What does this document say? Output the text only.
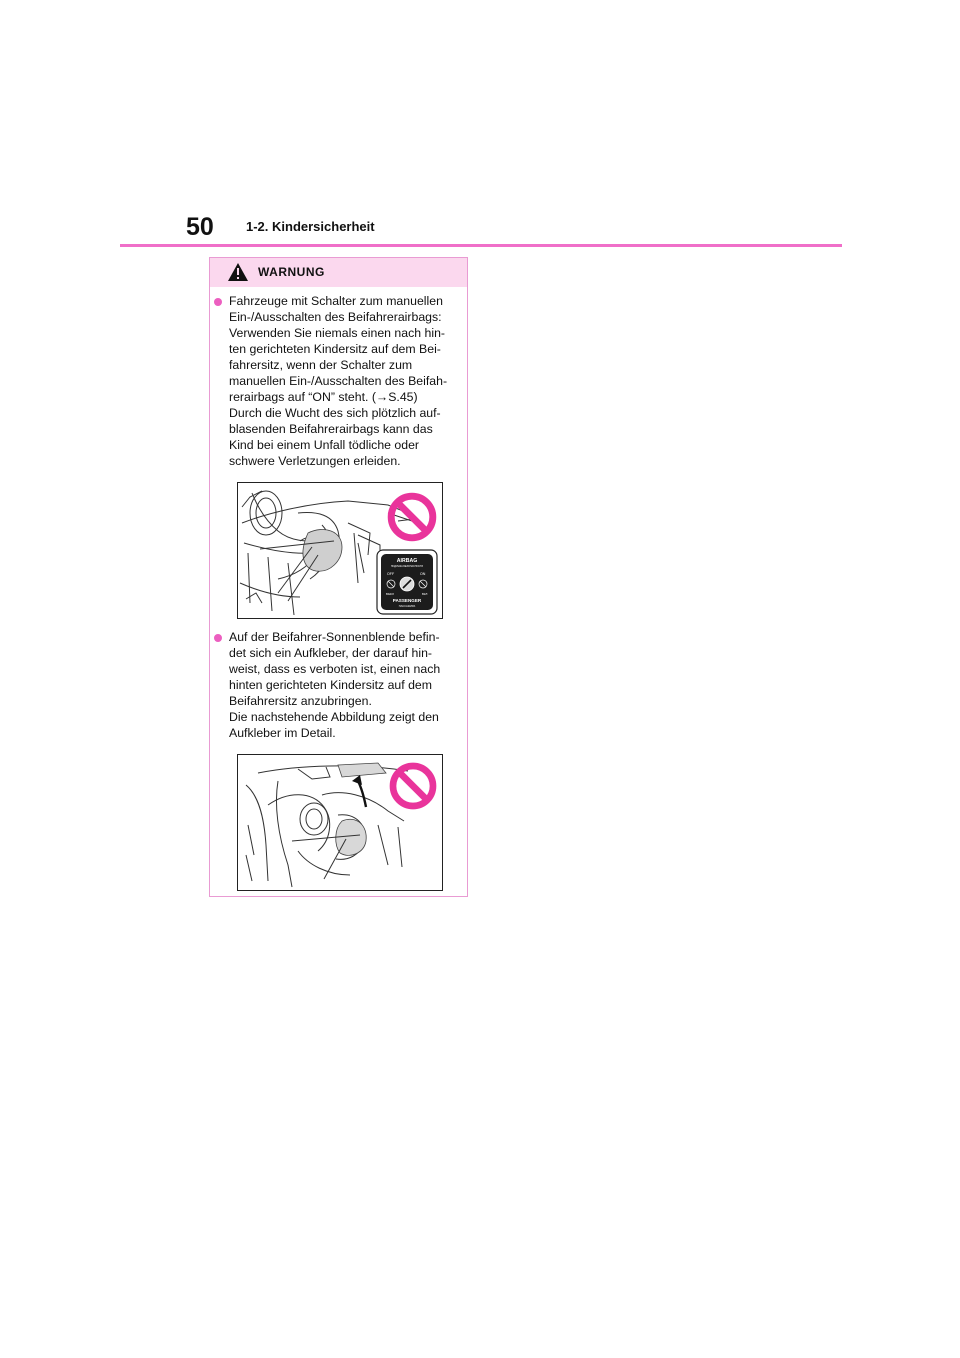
50 1-2. Kindersicherheit
WARNUNG
Fahrzeuge mit Schalter zum manuellen
Ein-/Ausschalten des Beifahrerairbags:
Verwenden Sie niemals einen nach hin-
ten gerichteten Kindersitz auf dem Bei-
fahrersitz, wenn der Schalter zum
manuellen Ein-/Ausschalten des Beifah-
rerairbags auf “ON” steht. (→S.45)
Durch die Wucht des sich plötzlich auf-
blasenden Beifahrerairbags kann das
Kind bei einem Unfall tödliche oder
schwere Verletzungen erleiden.
AIRBAG
ПОДУШКА БЕЗОПАСНОСТИ
OFF	ON
ВЫКЛ	ВКЛ
PASSENGER
ПАССАЖИРА
Auf der Beifahrer-Sonnenblende befin-
det sich ein Aufkleber, der darauf hin-
weist, dass es verboten ist, einen nach
hinten gerichteten Kindersitz auf dem
Beifahrersitz anzubringen.
Die nachstehende Abbildung zeigt den
Aufkleber im Detail.
